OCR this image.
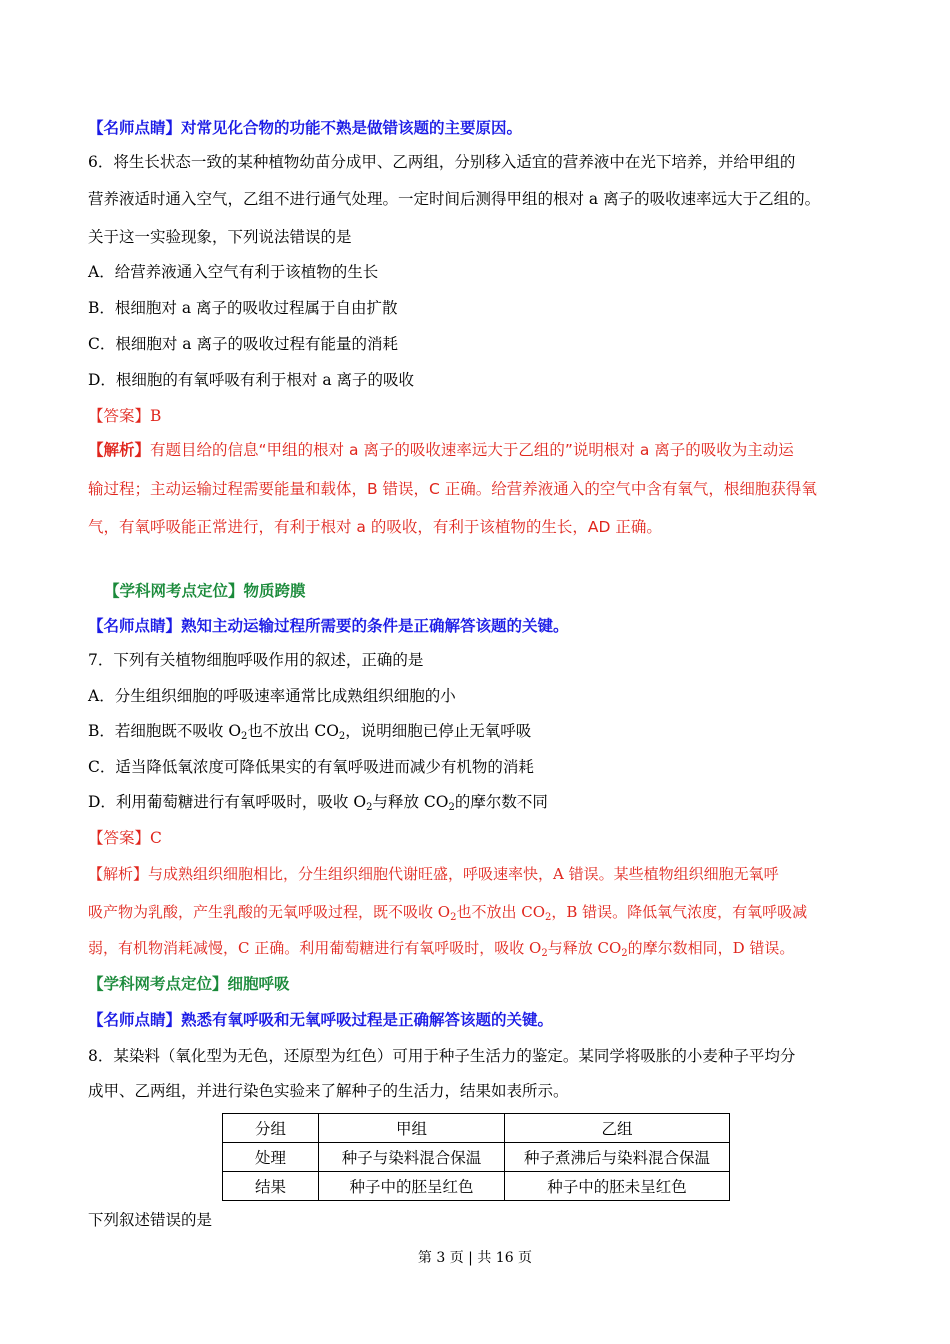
【名师点睛】对常见化合物的功能不熟是做错该题的主要原因。
6．将生长状态一致的某种植物幼苗分成甲、乙两组，分别移入适宜的营养液中在光下培养，并给甲组的
营养液适时通入空气，乙组不进行通气处理。一定时间后测得甲组的根对 a 离子的吸收速率远大于乙组的。
关于这一实验现象，下列说法错误的是
A．给营养液通入空气有利于该植物的生长
B．根细胞对 a 离子的吸收过程属于自由扩散
C．根细胞对 a 离子的吸收过程有能量的消耗
D．根细胞的有氧呼吸有利于根对 a 离子的吸收
【答案】B
【解析】有题目给的信息“甲组的根对 a 离子的吸收速率远大于乙组的”说明根对 a 离子的吸收为主动运
输过程；主动运输过程需要能量和载体，B 错误，C 正确。给营养液通入的空气中含有氧气，根细胞获得氧
气，有氧呼吸能正常进行，有利于根对 a 的吸收，有利于该植物的生长，AD 正确。
【学科网考点定位】物质跨膜
【名师点睛】熟知主动运输过程所需要的条件是正确解答该题的关键。
7．下列有关植物细胞呼吸作用的叙述，正确的是
A．分生组织细胞的呼吸速率通常比成熟组织细胞的小
B．若细胞既不吸收 $O_2$也不放出 $CO_2$，说明细胞已停止无氧呼吸
C．适当降低氧浓度可降低果实的有氧呼吸进而减少有机物的消耗
D．利用葡萄糖进行有氧呼吸时，吸收 $O_2$与释放 $CO_2$的摩尔数不同
【答案】C
【解析】与成熟组织细胞相比，分生组织细胞代谢旺盛，呼吸速率快，A 错误。某些植物组织细胞无氧呼
吸产物为乳酸，产生乳酸的无氧呼吸过程，既不吸收 $O_2$也不放出 $CO_2$，B 错误。降低氧气浓度，有氧呼吸减
弱，有机物消耗减慢，C 正确。利用葡萄糖进行有氧呼吸时，吸收 $O_2$与释放 $CO_2$的摩尔数相同，D 错误。
【学科网考点定位】细胞呼吸
【名师点睛】熟悉有氧呼吸和无氧呼吸过程是正确解答该题的关键。
8．某染料（氧化型为无色，还原型为红色）可用于种子生活力的鉴定。某同学将吸胀的小麦种子平均分
成甲、乙两组，并进行染色实验来了解种子的生活力，结果如表所示。
分组	甲组	乙组
处理	种子与染料混合保温	种子煮沸后与染料混合保温
结果	种子中的胚呈红色	种子中的胚未呈红色
下列叙述错误的是
第 3 页 | 共 16 页
